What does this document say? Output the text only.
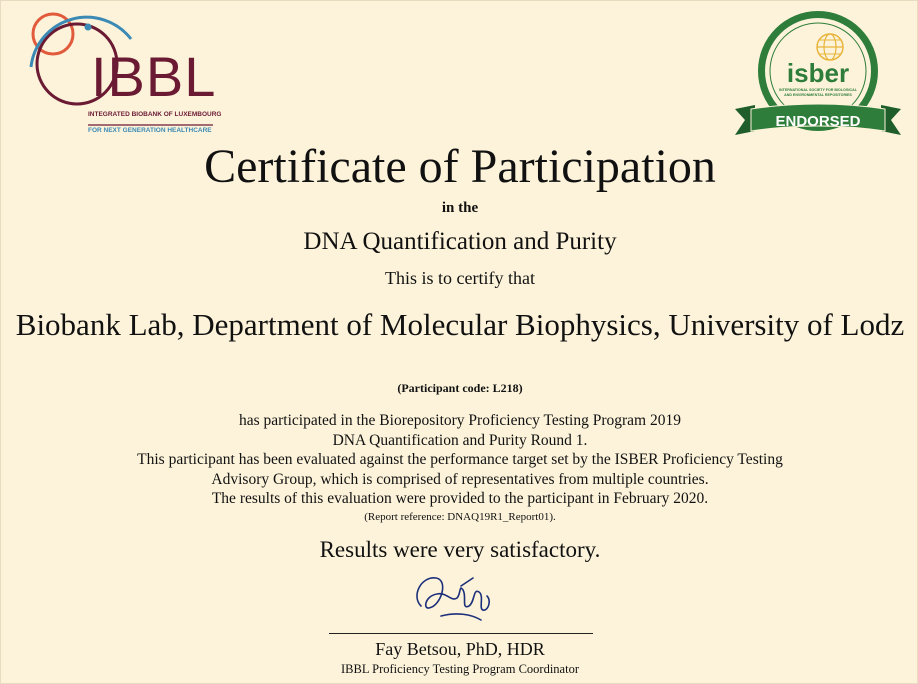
IBBL
INTEGRATED BIOBANK OF LUXEMBOURG
FOR NEXT GENERATION HEALTHCARE
isber
INTERNATIONAL SOCIETY FOR BIOLOGICAL
AND ENVIRONMENTAL REPOSITORIES
ENDORSED
Certificate of Participation
in the
DNA Quantification and Purity
This is to certify that
Biobank Lab, Department of Molecular Biophysics, University of Lodz
(Participant code: L218)
has participated in the Biorepository Proficiency Testing Program 2019
DNA Quantification and Purity Round 1.
This participant has been evaluated against the performance target set by the ISBER Proficiency Testing
Advisory Group, which is comprised of representatives from multiple countries.
The results of this evaluation were provided to the participant in February 2020.
(Report reference: DNAQ19R1_Report01).
Results were very satisfactory.
Fay Betsou, PhD, HDR
IBBL Proficiency Testing Program Coordinator
